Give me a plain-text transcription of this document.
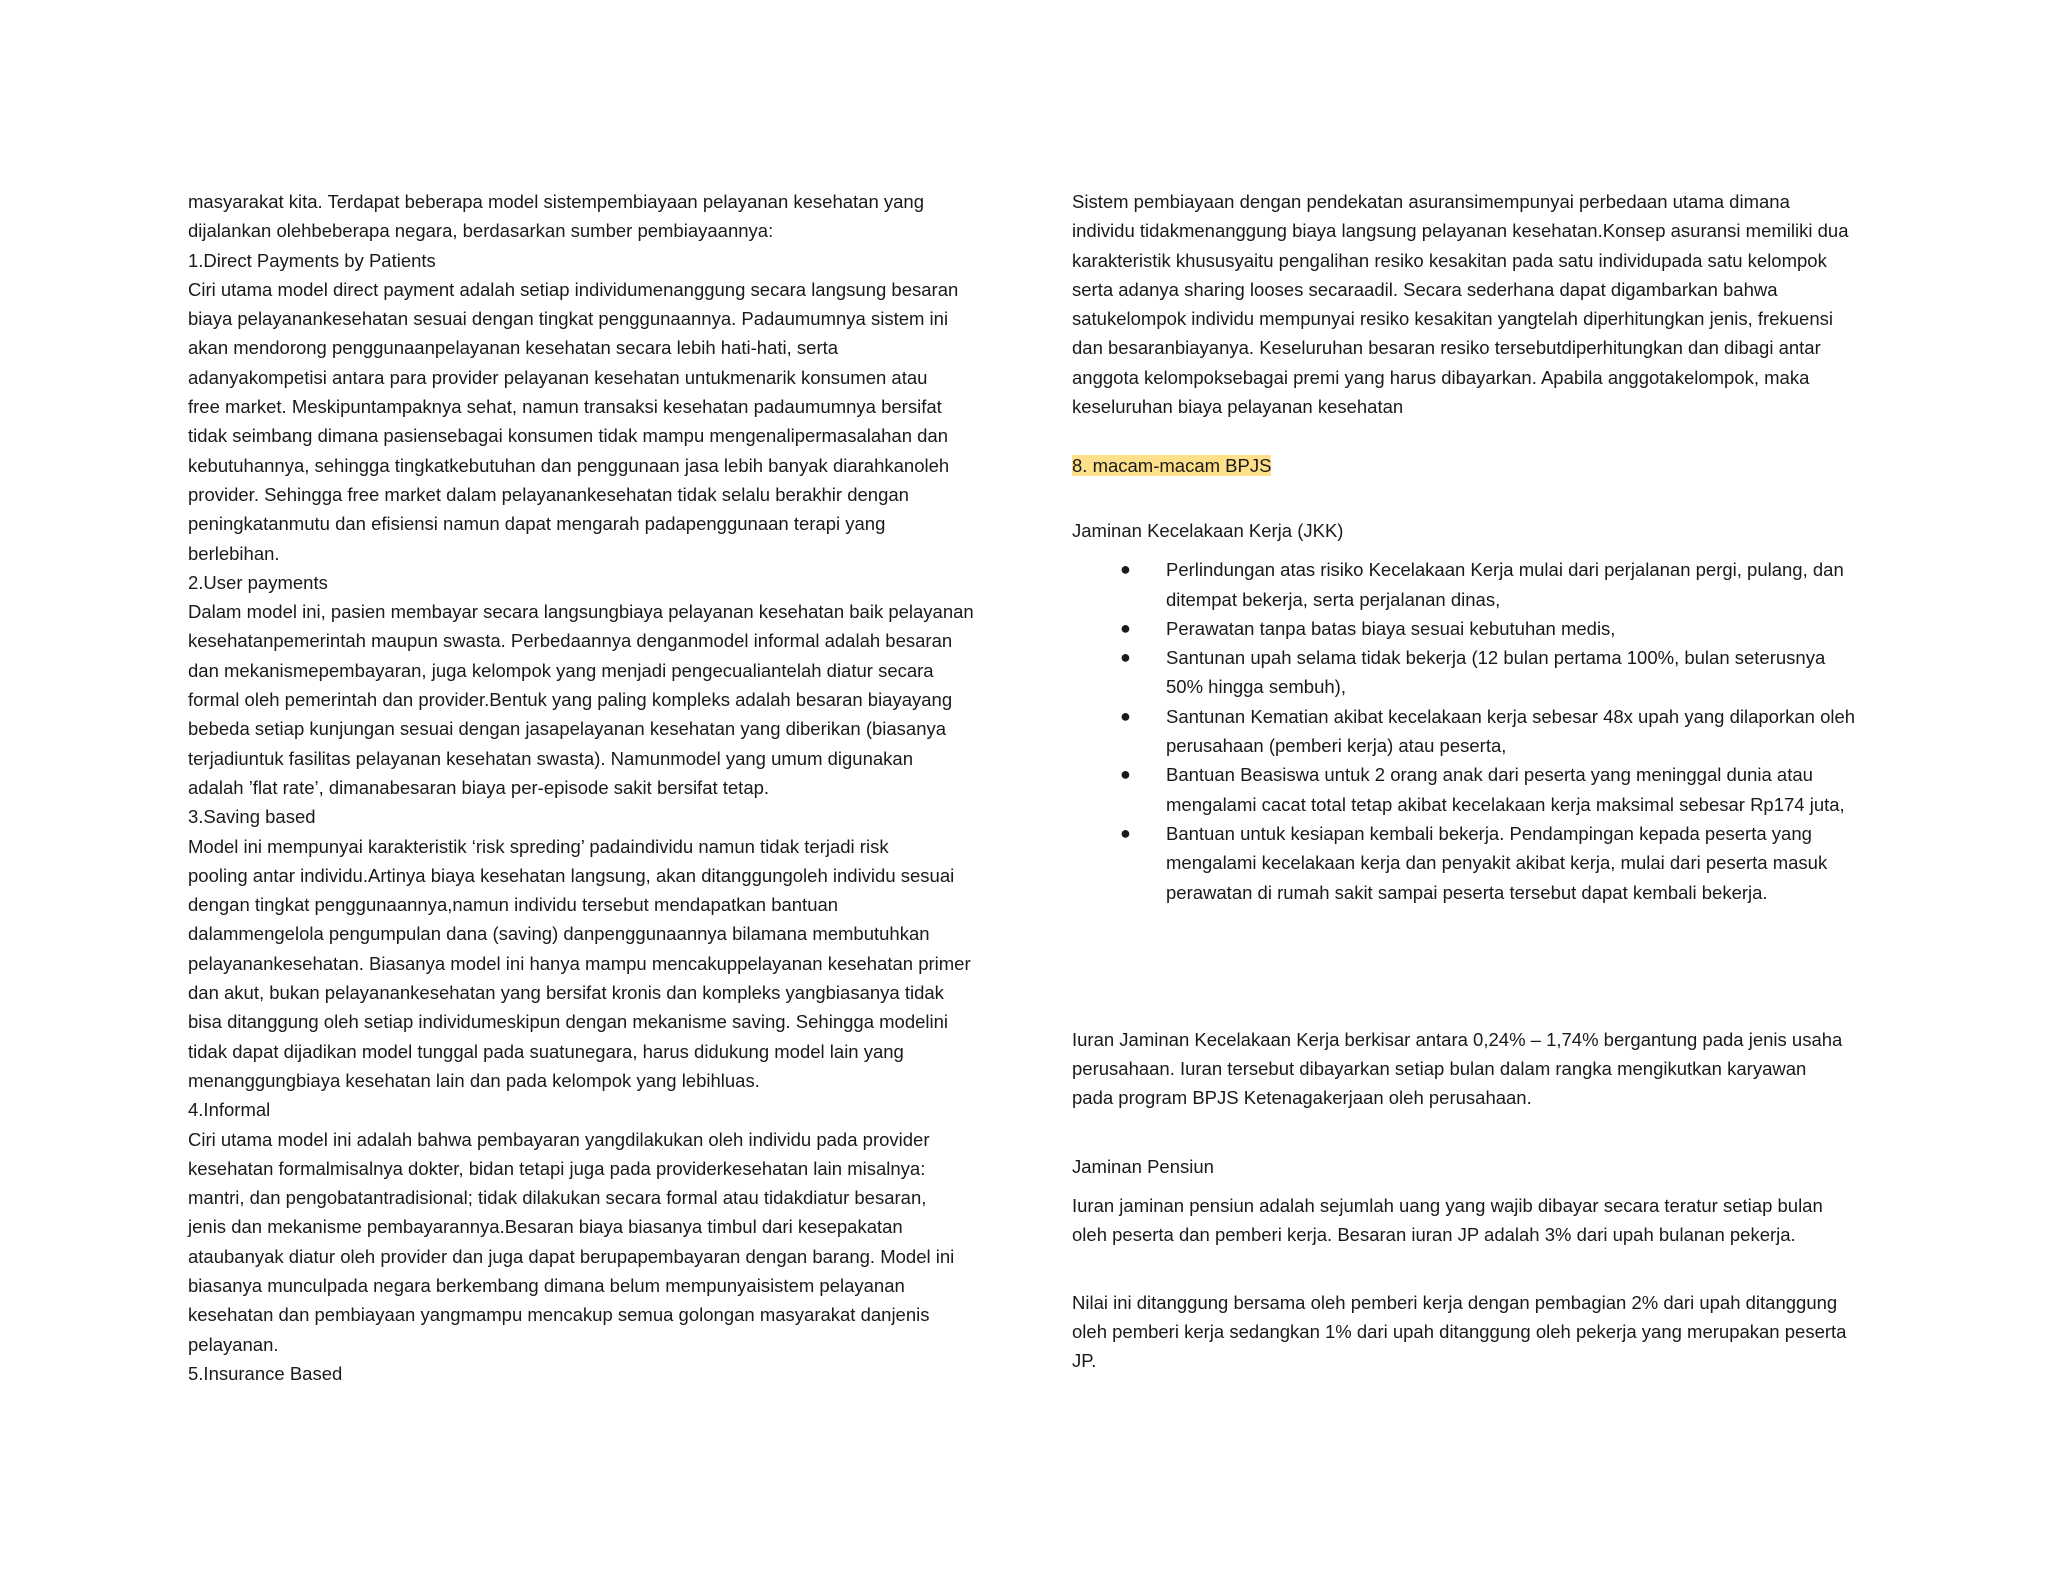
masyarakat kita. Terdapat beberapa model sistempembiayaan pelayanan kesehatan yang
dijalankan olehbeberapa negara, berdasarkan sumber pembiayaannya:
1.Direct Payments by Patients
Ciri utama model direct payment adalah setiap individumenanggung secara langsung besaran
biaya pelayanankesehatan sesuai dengan tingkat penggunaannya. Padaumumnya sistem ini
akan mendorong penggunaanpelayanan kesehatan secara lebih hati-hati, serta
adanyakompetisi antara para provider pelayanan kesehatan untukmenarik konsumen atau
free market. Meskipuntampaknya sehat, namun transaksi kesehatan padaumumnya bersifat
tidak seimbang dimana pasiensebagai konsumen tidak mampu mengenalipermasalahan dan
kebutuhannya, sehingga tingkatkebutuhan dan penggunaan jasa lebih banyak diarahkanoleh
provider. Sehingga free market dalam pelayanankesehatan tidak selalu berakhir dengan
peningkatanmutu dan efisiensi namun dapat mengarah padapenggunaan terapi yang
berlebihan.
2.User payments
Dalam model ini, pasien membayar secara langsungbiaya pelayanan kesehatan baik pelayanan
kesehatanpemerintah maupun swasta. Perbedaannya denganmodel informal adalah besaran
dan mekanismepembayaran, juga kelompok yang menjadi pengecualiantelah diatur secara
formal oleh pemerintah dan provider.Bentuk yang paling kompleks adalah besaran biayayang
bebeda setiap kunjungan sesuai dengan jasapelayanan kesehatan yang diberikan (biasanya
terjadiuntuk fasilitas pelayanan kesehatan swasta). Namunmodel yang umum digunakan
adalah ’flat rate’, dimanabesaran biaya per-episode sakit bersifat tetap.
3.Saving based
Model ini mempunyai karakteristik ‘risk spreding’ padaindividu namun tidak terjadi risk
pooling antar individu.Artinya biaya kesehatan langsung, akan ditanggungoleh individu sesuai
dengan tingkat penggunaannya,namun individu tersebut mendapatkan bantuan
dalammengelola pengumpulan dana (saving) danpenggunaannya bilamana membutuhkan
pelayanankesehatan. Biasanya model ini hanya mampu mencakuppelayanan kesehatan primer
dan akut, bukan pelayanankesehatan yang bersifat kronis dan kompleks yangbiasanya tidak
bisa ditanggung oleh setiap individumeskipun dengan mekanisme saving. Sehingga modelini
tidak dapat dijadikan model tunggal pada suatunegara, harus didukung model lain yang
menanggungbiaya kesehatan lain dan pada kelompok yang lebihluas.
4.Informal
Ciri utama model ini adalah bahwa pembayaran yangdilakukan oleh individu pada provider
kesehatan formalmisalnya dokter, bidan tetapi juga pada providerkesehatan lain misalnya:
mantri, dan pengobatantradisional; tidak dilakukan secara formal atau tidakdiatur besaran,
jenis dan mekanisme pembayarannya.Besaran biaya biasanya timbul dari kesepakatan
ataubanyak diatur oleh provider dan juga dapat berupapembayaran dengan barang. Model ini
biasanya munculpada negara berkembang dimana belum mempunyaisistem pelayanan
kesehatan dan pembiayaan yangmampu mencakup semua golongan masyarakat danjenis
pelayanan.
5.Insurance Based
Sistem pembiayaan dengan pendekatan asuransimempunyai perbedaan utama dimana
individu tidakmenanggung biaya langsung pelayanan kesehatan.Konsep asuransi memiliki dua
karakteristik khususyaitu pengalihan resiko kesakitan pada satu individupada satu kelompok
serta adanya sharing looses secaraadil. Secara sederhana dapat digambarkan bahwa
satukelompok individu mempunyai resiko kesakitan yangtelah diperhitungkan jenis, frekuensi
dan besaranbiayanya. Keseluruhan besaran resiko tersebutdiperhitungkan dan dibagi antar
anggota kelompoksebagai premi yang harus dibayarkan. Apabila anggotakelompok, maka
keseluruhan biaya pelayanan kesehatan
8. macam-macam BPJS
Jaminan Kecelakaan Kerja (JKK)
● Perlindungan atas risiko Kecelakaan Kerja mulai dari perjalanan pergi, pulang, dan
ditempat bekerja, serta perjalanan dinas,
● Perawatan tanpa batas biaya sesuai kebutuhan medis,
● Santunan upah selama tidak bekerja (12 bulan pertama 100%, bulan seterusnya
50% hingga sembuh),
● Santunan Kematian akibat kecelakaan kerja sebesar 48x upah yang dilaporkan oleh
perusahaan (pemberi kerja) atau peserta,
● Bantuan Beasiswa untuk 2 orang anak dari peserta yang meninggal dunia atau
mengalami cacat total tetap akibat kecelakaan kerja maksimal sebesar Rp174 juta,
● Bantuan untuk kesiapan kembali bekerja. Pendampingan kepada peserta yang
mengalami kecelakaan kerja dan penyakit akibat kerja, mulai dari peserta masuk
perawatan di rumah sakit sampai peserta tersebut dapat kembali bekerja.
Iuran Jaminan Kecelakaan Kerja berkisar antara 0,24% – 1,74% bergantung pada jenis usaha
perusahaan. Iuran tersebut dibayarkan setiap bulan dalam rangka mengikutkan karyawan
pada program BPJS Ketenagakerjaan oleh perusahaan.
Jaminan Pensiun
Iuran jaminan pensiun adalah sejumlah uang yang wajib dibayar secara teratur setiap bulan
oleh peserta dan pemberi kerja. Besaran iuran JP adalah 3% dari upah bulanan pekerja.
Nilai ini ditanggung bersama oleh pemberi kerja dengan pembagian 2% dari upah ditanggung
oleh pemberi kerja sedangkan 1% dari upah ditanggung oleh pekerja yang merupakan peserta
JP.
